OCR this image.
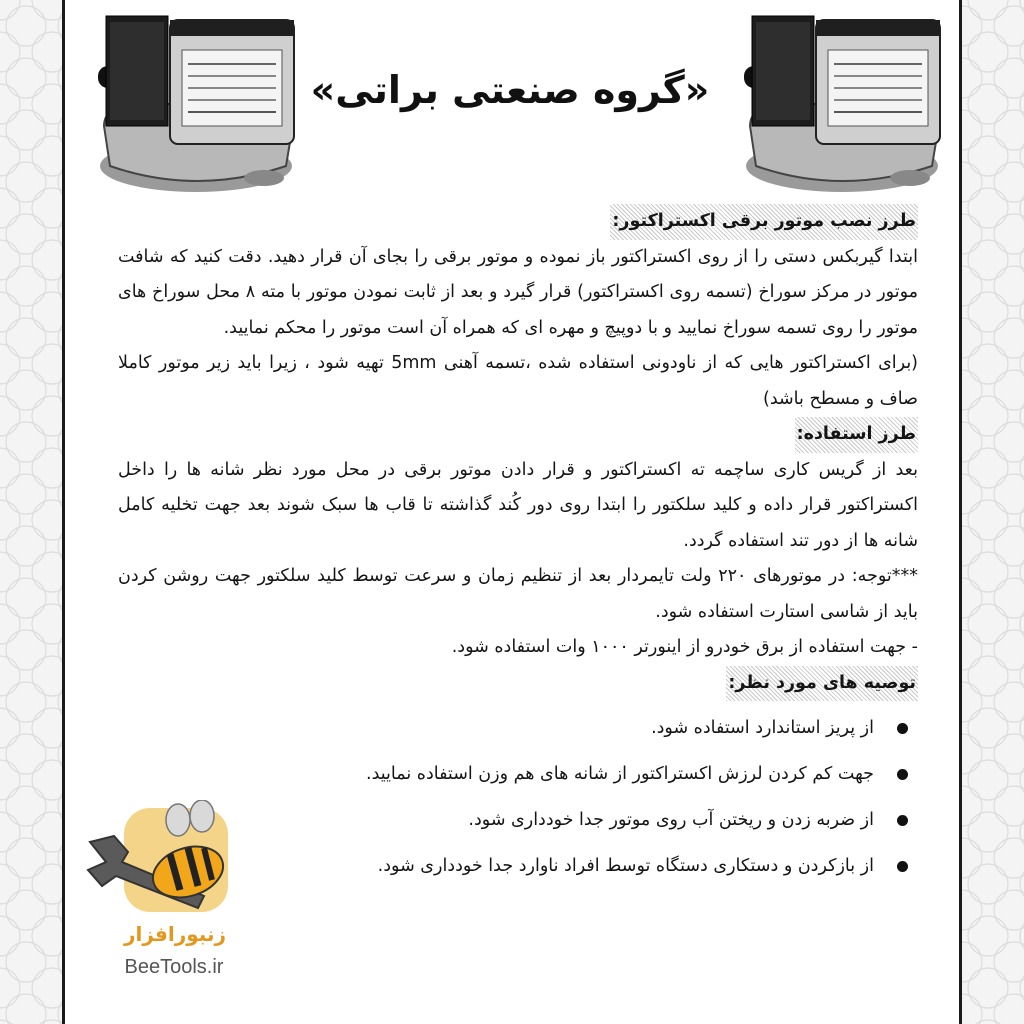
«گروه صنعتی براتی»

طرز نصب موتور برقی اکستراکتور:

ابتدا گیربکس دستی را از روی اکستراکتور باز نموده و موتور برقی را بجای آن قرار دهید. دقت کنید که شافت موتور در مرکز سوراخ (تسمه روی اکستراکتور) قرار گیرد و بعد از ثابت نمودن موتور با مته ۸ محل سوراخ های موتور را روی تسمه سوراخ نمایید و با دوپیچ و مهره ای که همراه آن است موتور را محکم نمایید.

(برای اکستراکتور هایی که از ناودونی استفاده شده ،تسمه آهنی 5mm تهیه شود ، زیرا باید زیر موتور کاملا صاف و مسطح باشد)

طرز استفاده:

بعد از گریس کاری ساچمه ته اکستراکتور و قرار دادن موتور برقی در محل مورد نظر شانه ها را داخل اکستراکتور قرار داده و کلید سلکتور را ابتدا روی دور کُند گذاشته تا قاب ها سبک شوند بعد جهت تخلیه کامل شانه ها از دور تند استفاده گردد.

***توجه: در موتورهای ۲۲۰ ولت تایمردار بعد از تنظیم زمان و سرعت توسط کلید سلکتور جهت روشن کردن باید از شاسی استارت استفاده شود.

- جهت استفاده از برق خودرو از اینورتر ۱۰۰۰ وات استفاده شود.

توصیه های مورد نظر:

از پریز استاندارد استفاده شود.
جهت کم کردن لرزش اکستراکتور از شانه های هم وزن استفاده نمایید.
از ضربه زدن و ریختن آب روی موتور جدا خودداری شود.
از بازکردن و دستکاری دستگاه توسط افراد ناوارد جدا خودداری شود.
زنبورافزار
BeeTools.ir
